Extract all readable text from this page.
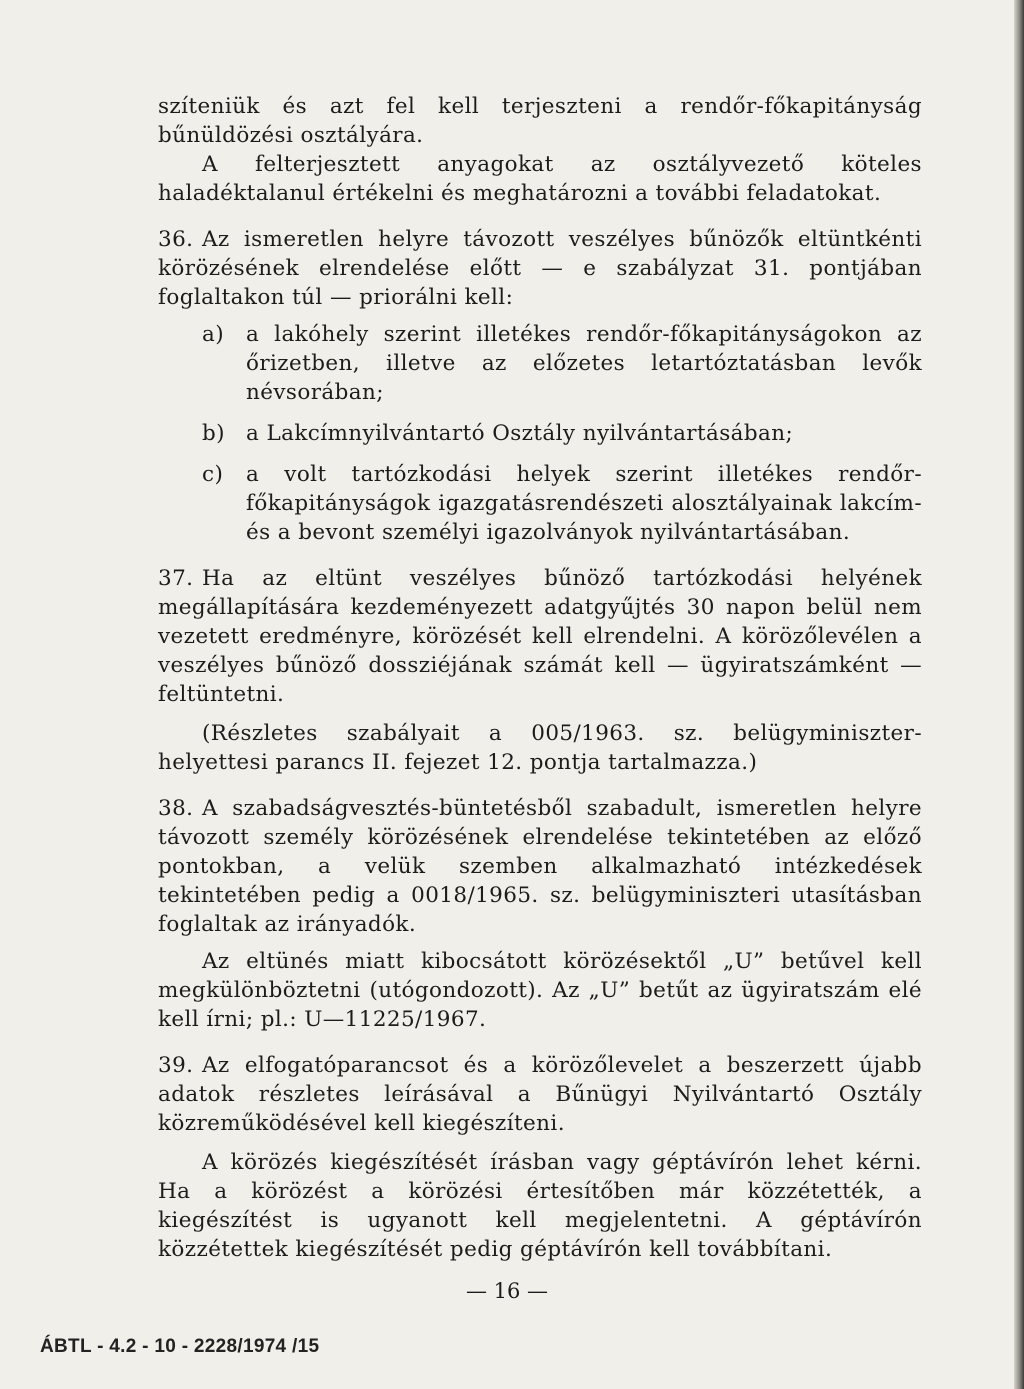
szíteniük és azt fel kell terjeszteni a rendőr-főkapitányság bűnüldözési osztályára.

A felterjesztett anyagokat az osztályvezető köteles haladéktalanul értékelni és meghatározni a további feladatokat.

36. Az ismeretlen helyre távozott veszélyes bűnözők eltüntkénti körözésének elrendelése előtt — e szabályzat 31. pontjában foglaltakon túl — priorálni kell:

a)	a lakóhely szerint illetékes rendőr-főkapitányságokon az őrizetben, illetve az előzetes letartóztatásban levők névsorában;
b) a Lakcímnyilvántartó Osztály nyilvántartásában;
c)	a volt tartózkodási helyek szerint illetékes rendőr-főkapitányságok igazgatásrendészeti alosztályainak lakcím- és a bevont személyi igazolványok nyilvántartásában.

37. Ha az eltünt veszélyes bűnöző tartózkodási helyének megállapítására kezdeményezett adatgyűjtés 30 napon belül nem vezetett eredményre, körözését kell elrendelni. A körözőlevélen a veszélyes bűnöző dossziéjának számát kell — ügyiratszámként — feltüntetni.

(Részletes szabályait a 005/1963. sz. belügyminiszter-helyettesi parancs II. fejezet 12. pontja tartalmazza.)

38. A szabadságvesztés-büntetésből szabadult, ismeretlen helyre távozott személy körözésének elrendelése tekintetében az előző pontokban, a velük szemben alkalmazható intézkedések tekintetében pedig a 0018/1965. sz. belügyminiszteri utasításban foglaltak az irányadók.

Az eltünés miatt kibocsátott körözésektől „U” betűvel kell megkülönböztetni (utógondozott). Az „U” betűt az ügyiratszám elé kell írni; pl.: U—11225/1967.

39. Az elfogatóparancsot és a körözőlevelet a beszerzett újabb adatok részletes leírásával a Bűnügyi Nyilvántartó Osztály közreműködésével kell kiegészíteni.

A körözés kiegészítését írásban vagy géptávírón lehet kérni. Ha a körözést a körözési értesítőben már közzétették, a kiegészítést is ugyanott kell megjelentetni. A géptávírón közzétettek kiegészítését pedig géptávírón kell továbbítani.

— 16 —
ÁBTL - 4.2 - 10 - 2228/1974 /15
